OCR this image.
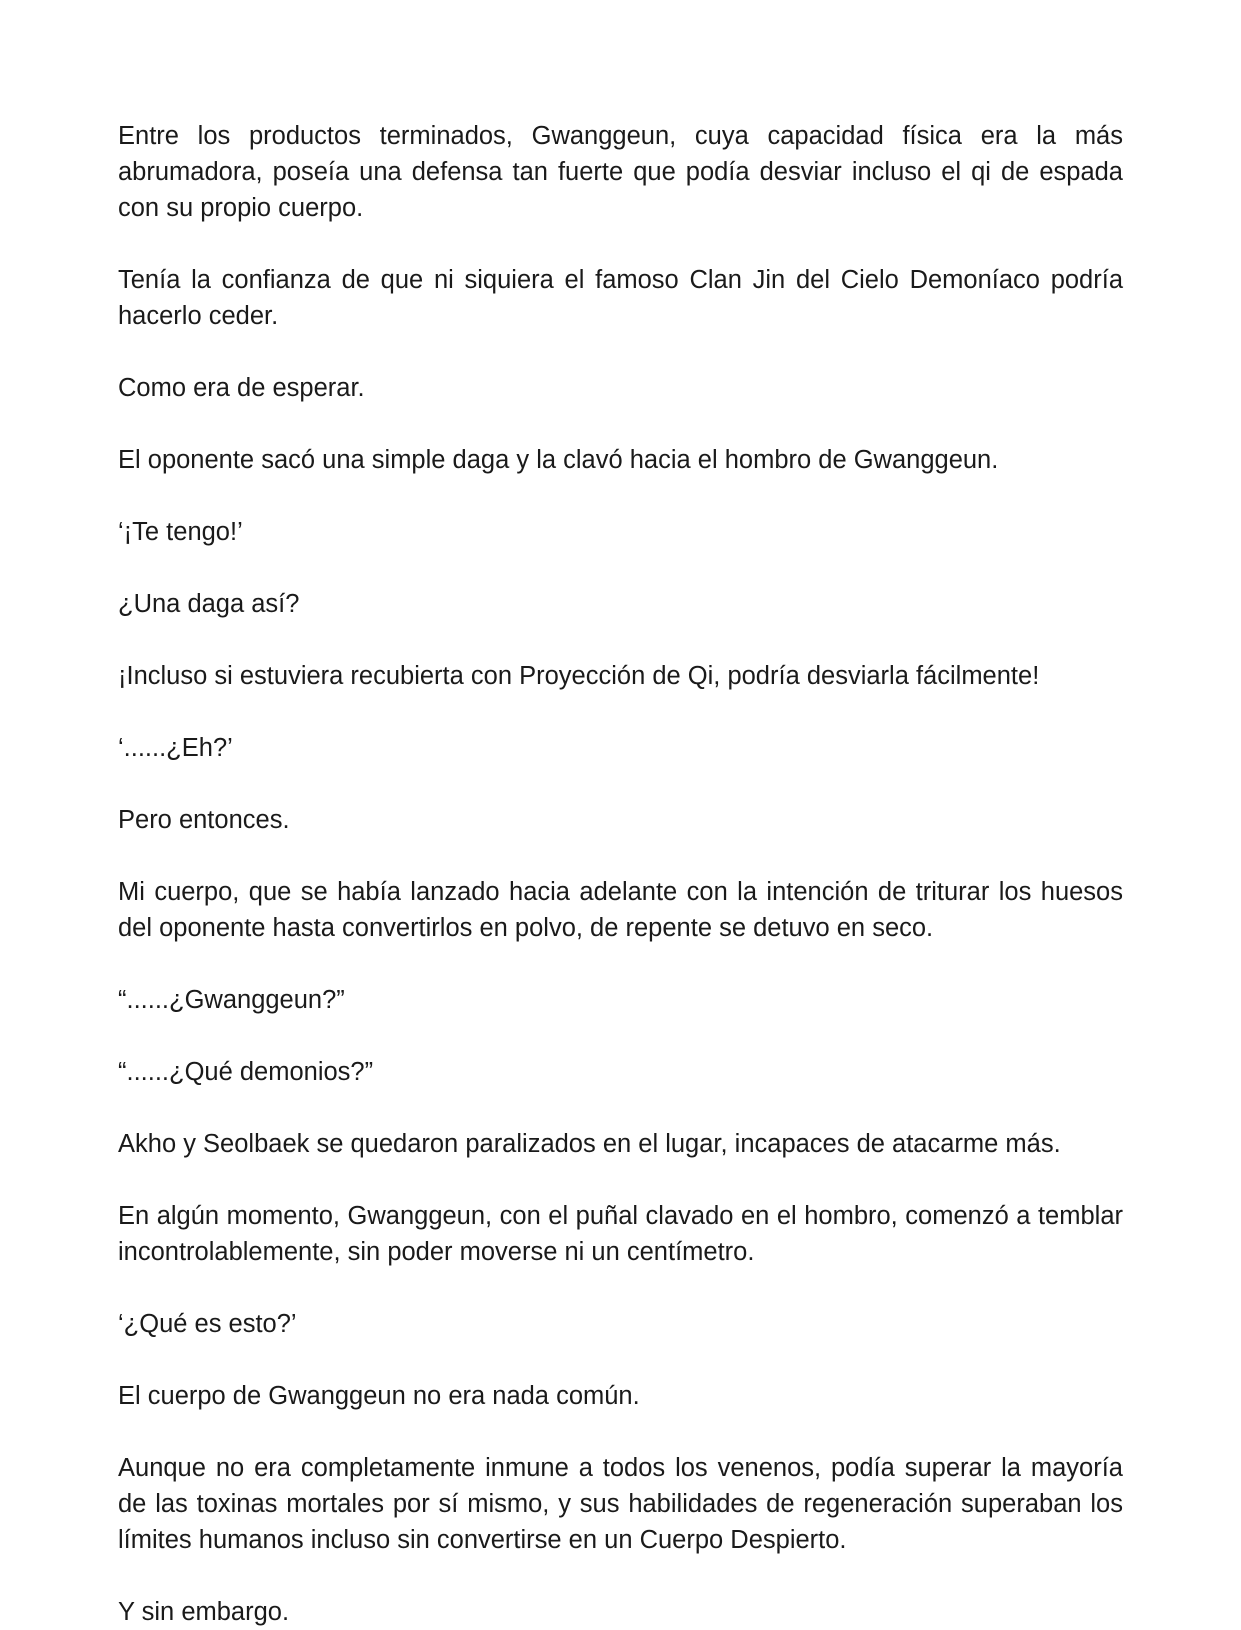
Entre los productos terminados, Gwanggeun, cuya capacidad física era la más abrumadora, poseía una defensa tan fuerte que podía desviar incluso el qi de espada con su propio cuerpo.

Tenía la confianza de que ni siquiera el famoso Clan Jin del Cielo Demoníaco podría hacerlo ceder.

Como era de esperar.

El oponente sacó una simple daga y la clavó hacia el hombro de Gwanggeun.

‘¡Te tengo!’

¿Una daga así?

¡Incluso si estuviera recubierta con Proyección de Qi, podría desviarla fácilmente!

‘......¿Eh?’

Pero entonces.

Mi cuerpo, que se había lanzado hacia adelante con la intención de triturar los huesos del oponente hasta convertirlos en polvo, de repente se detuvo en seco.

“......¿Gwanggeun?”

“......¿Qué demonios?”

Akho y Seolbaek se quedaron paralizados en el lugar, incapaces de atacarme más.

En algún momento, Gwanggeun, con el puñal clavado en el hombro, comenzó a temblar incontrolablemente, sin poder moverse ni un centímetro.

‘¿Qué es esto?’

El cuerpo de Gwanggeun no era nada común.

Aunque no era completamente inmune a todos los venenos, podía superar la mayoría de las toxinas mortales por sí mismo, y sus habilidades de regeneración superaban los límites humanos incluso sin convertirse en un Cuerpo Despierto.

Y sin embargo.
